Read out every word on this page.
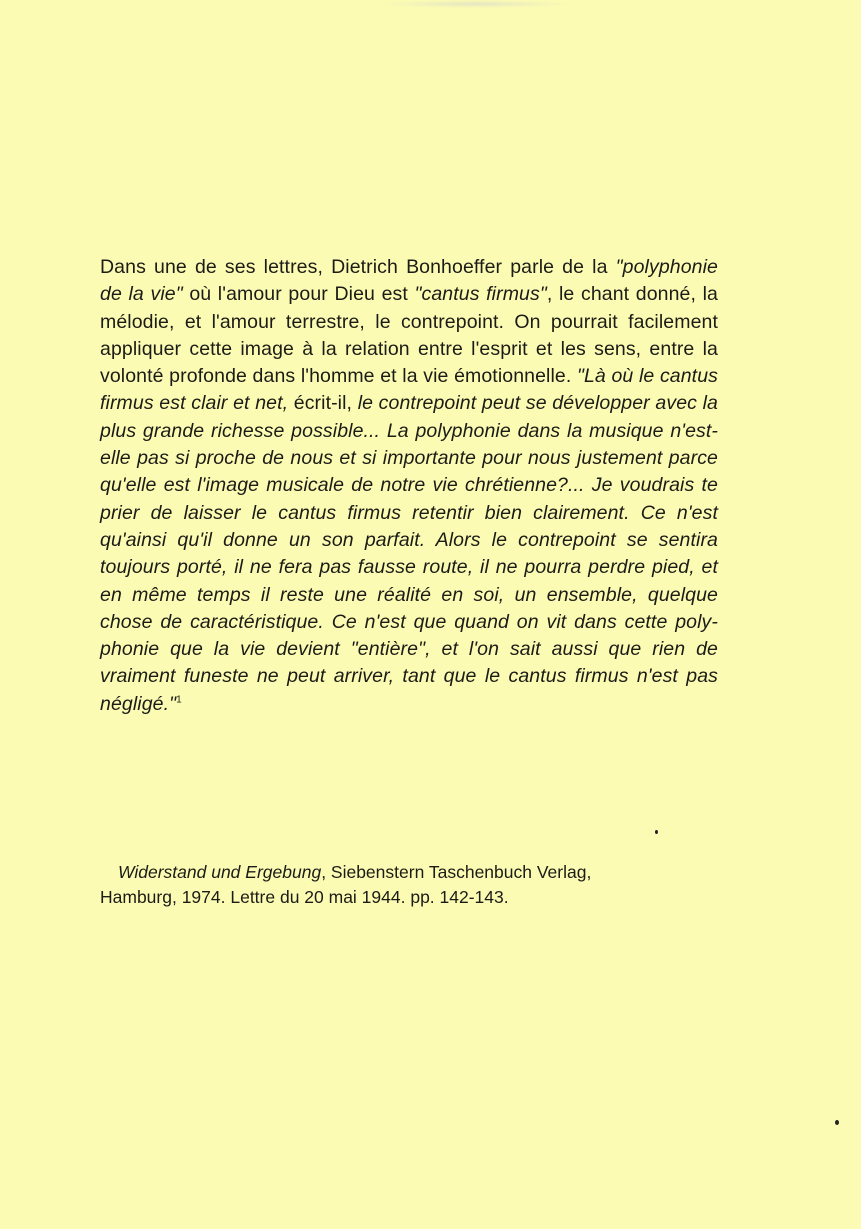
Dans une de ses lettres, Dietrich Bonhoeffer parle de la "polyphonie de la vie" où l'amour pour Dieu est "cantus firmus", le chant donné, la mélodie, et l'amour terrestre, le contrepoint. On pourrait facilement appliquer cette image à la relation entre l'esprit et les sens, entre la volonté profonde dans l'homme et la vie émotionnelle. "Là où le cantus firmus est clair et net, écrit-il, le contrepoint peut se développer avec la plus grande richesse possible... La polyphonie dans la musique n'est-elle pas si proche de nous et si importante pour nous justement parce qu'elle est l'image musicale de notre vie chrétienne?... Je voudrais te prier de laisser le cantus firmus retentir bien clairement. Ce n'est qu'ainsi qu'il donne un son parfait. Alors le contrepoint se sentira toujours porté, il ne fera pas fausse route, il ne pourra perdre pied, et en même temps il reste une réalité en soi, un ensemble, quelque chose de caractéristique. Ce n'est que quand on vit dans cette poly-phonie que la vie devient "entière", et l'on sait aussi que rien de vraiment funeste ne peut arriver, tant que le cantus firmus n'est pas négligé."$^1$

Widerstand und Ergebung, Siebenstern Taschenbuch Verlag,
Hamburg, 1974. Lettre du 20 mai 1944. pp. 142-143.
